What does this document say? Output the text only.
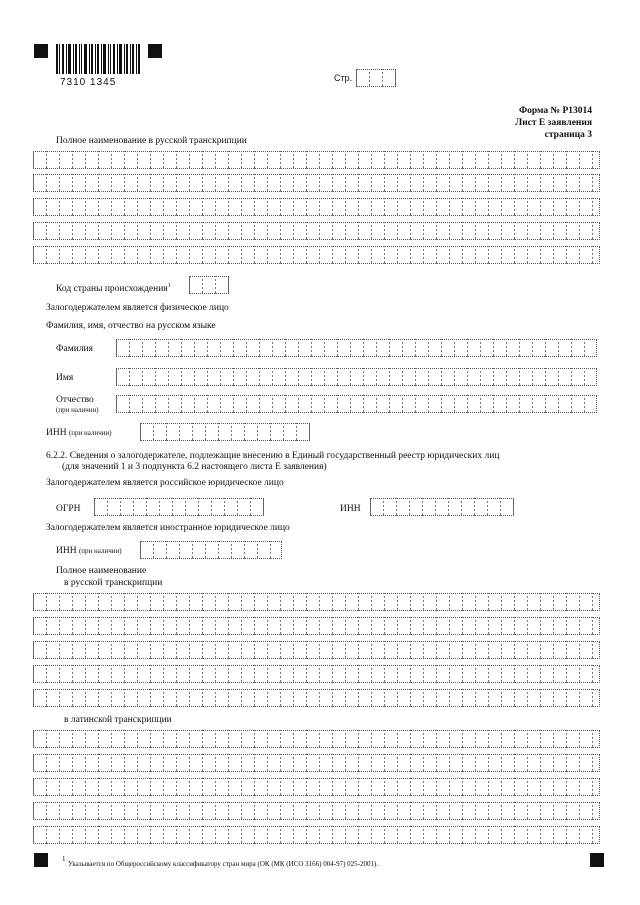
7310 1345	Стр.
Форма № Р13014
Лист Е заявления
страница 3
Полное наименование в русской транскрипции
Код страны происхождения$^1$
Залогодержателем является физическое лицо
Фамилия, имя, отчество на русском языке
Фамилия
Имя
Отчество
(при наличии)
ИНН (при наличии)
6.2.2. Сведения о залогодержателе, подлежащие внесению в Единый государственный реестр юридических лиц
(для значений 1 и 3 подпункта 6.2 настоящего листа Е заявления)
Залогодержателем является российское юридическое лицо
ОГРН	ИНН
Залогодержателем является иностранное юридическое лицо
ИНН (при наличии)
Полное наименование
в русской транскрипции
в латинской транскрипции
1
Указывается по Общероссийскому классификатору стран мира (ОК (МК (ИСО 3166) 004-97) 025-2001).
